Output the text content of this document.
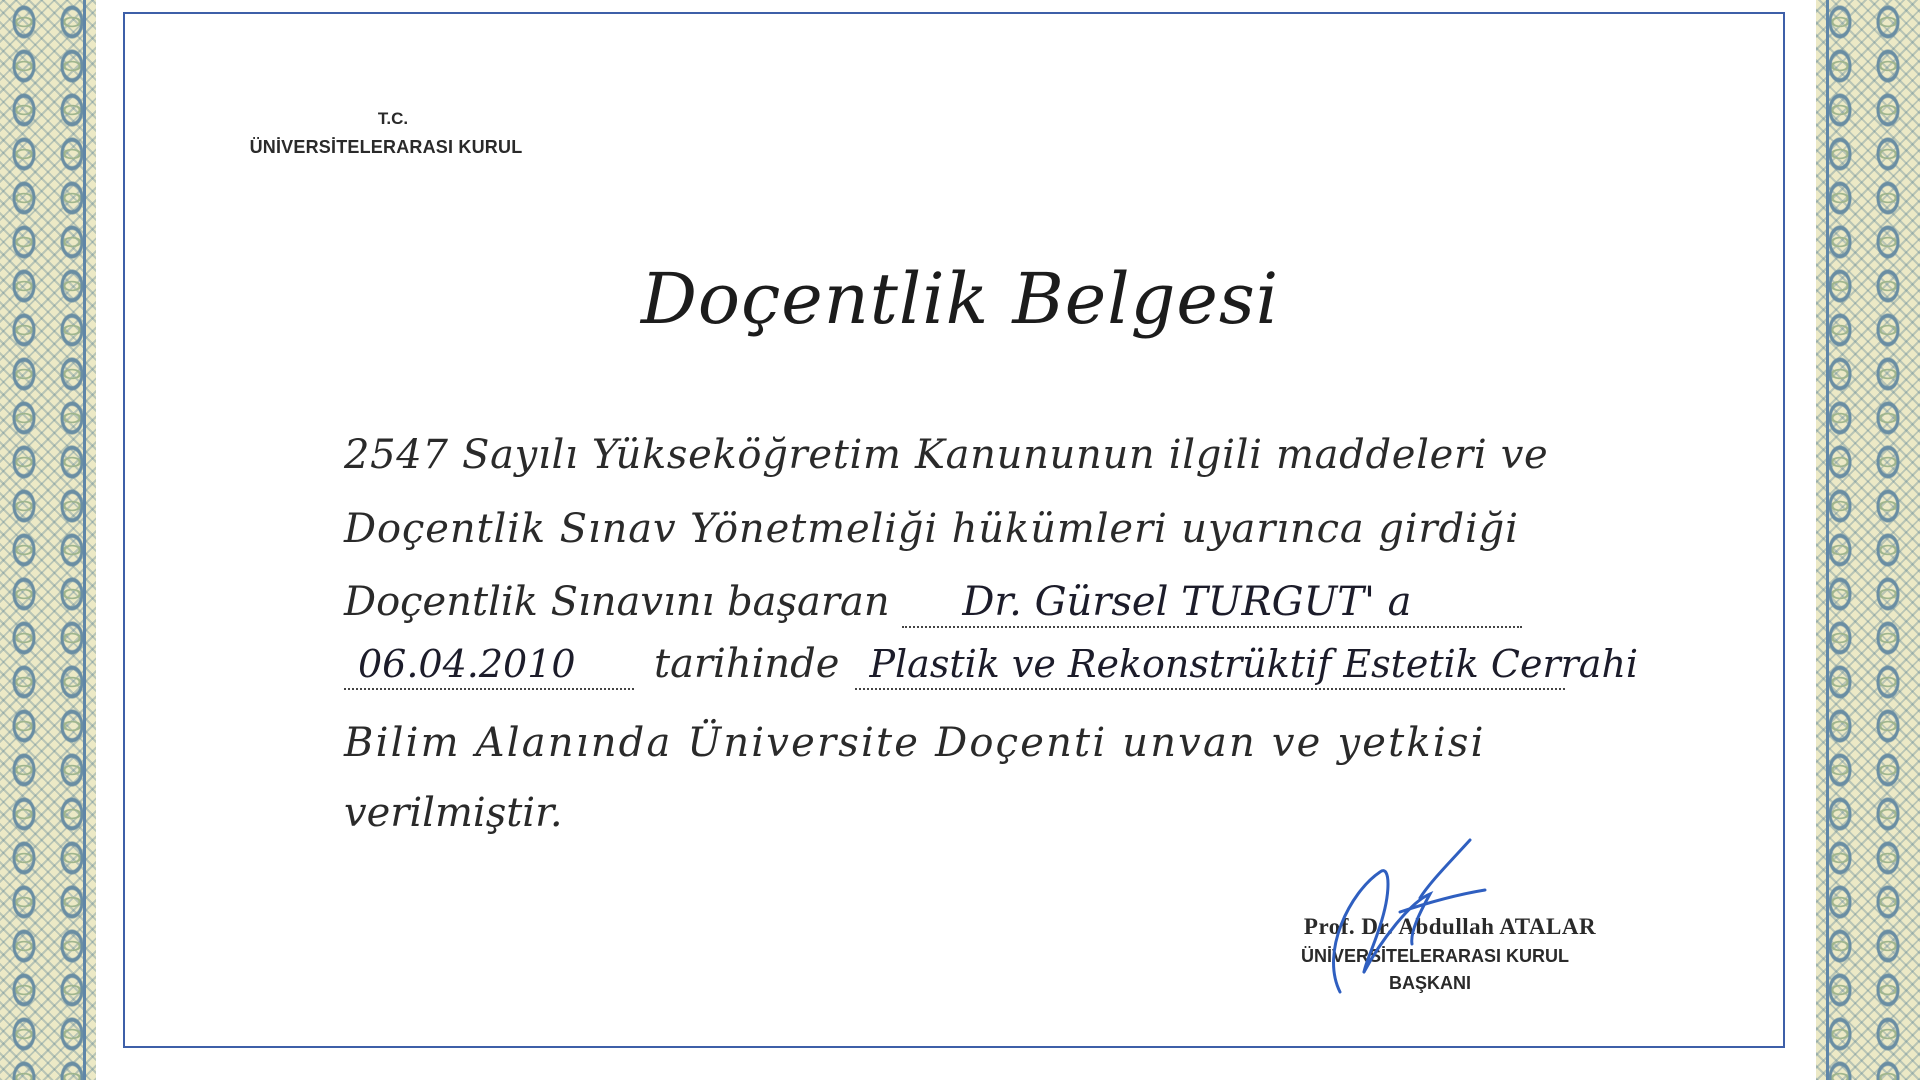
T.C.
ÜNİVERSİTELERARASI KURUL
Doçentlik Belgesi
2547 Sayılı Yükseköğretim Kanununun ilgili maddeleri ve
Doçentlik Sınav Yönetmeliği hükümleri uyarınca girdiği
Doçentlik Sınavını başaran Dr. Gürsel TURGUT' a
06.04.2010 tarihinde Plastik ve Rekonstrüktif Estetik Cerrahi
Bilim Alanında Üniversite Doçenti unvan ve yetkisi
verilmiştir.
Prof. Dr. Abdullah ATALAR
ÜNİVERSİTELERARASI KURUL
BAŞKANI
